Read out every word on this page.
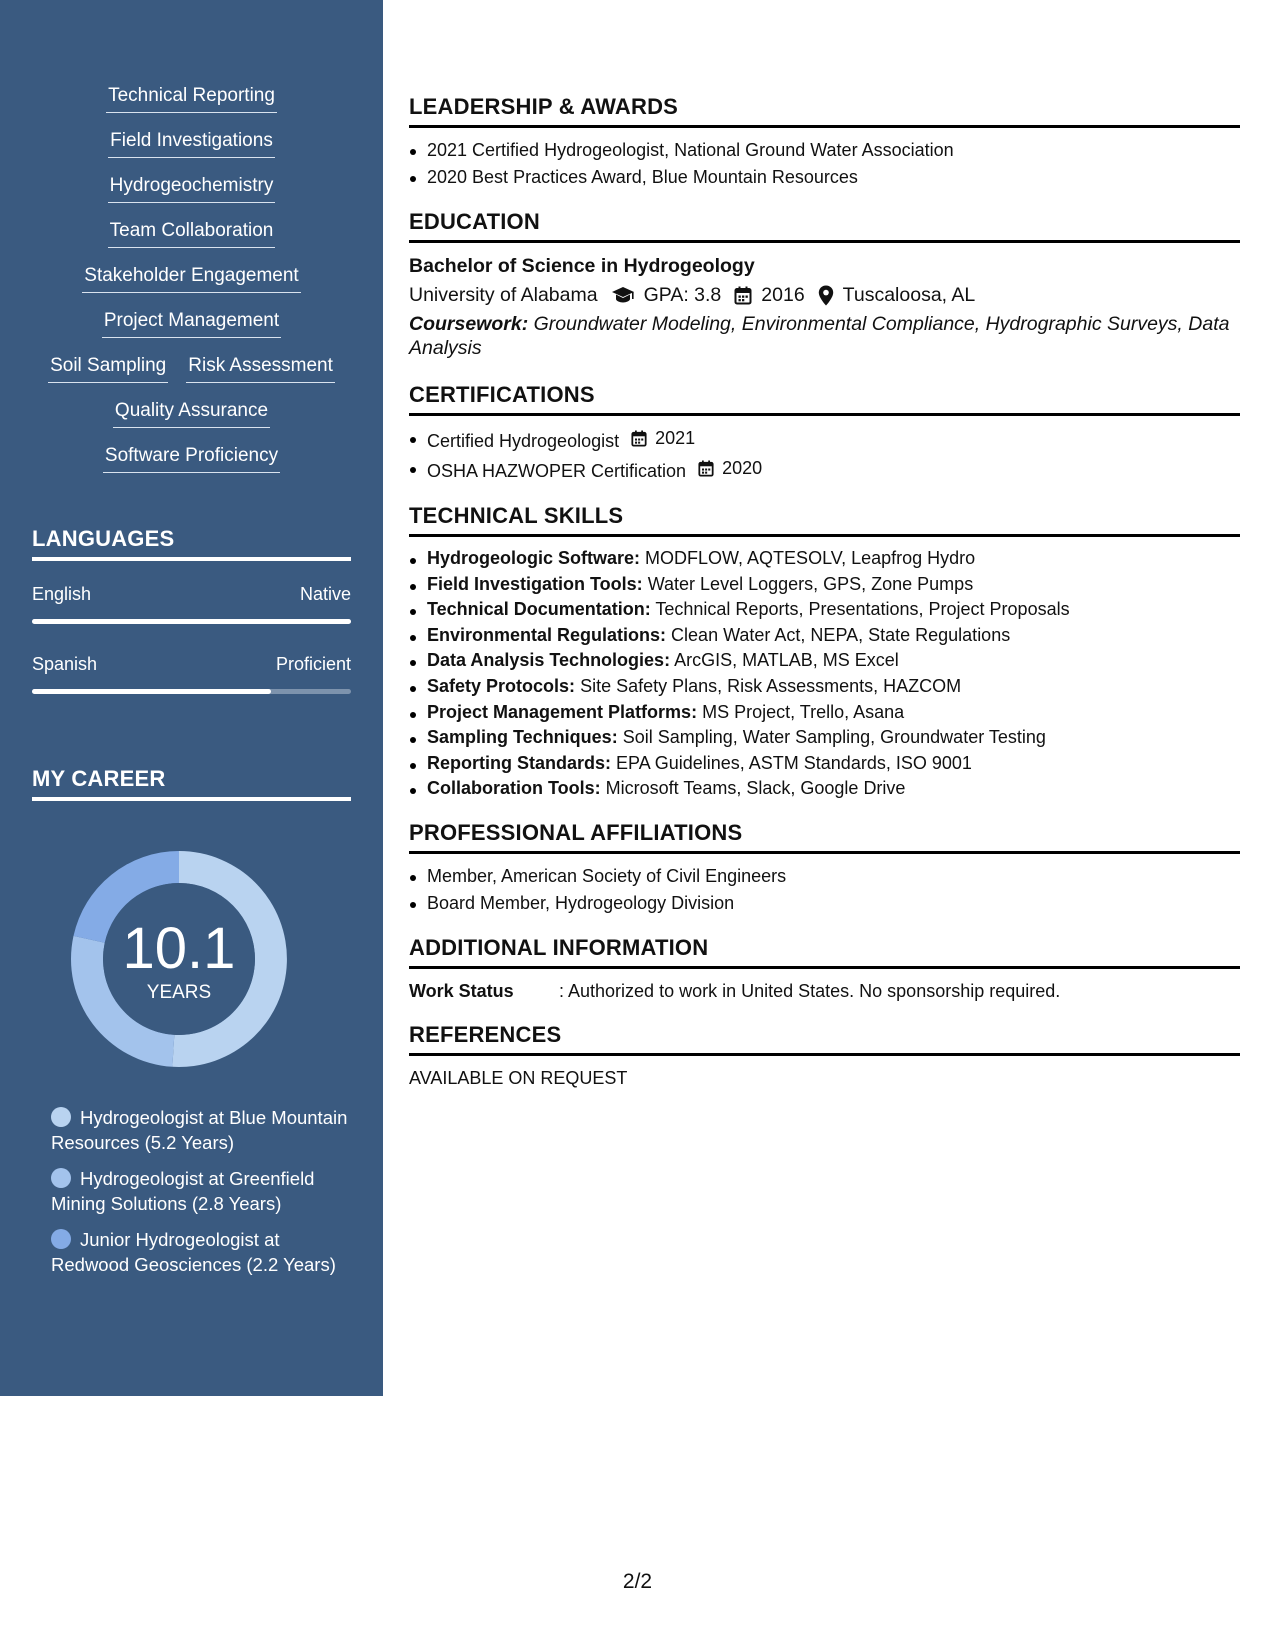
Technical Reporting
Field Investigations
Hydrogeochemistry
Team Collaboration
Stakeholder Engagement
Project Management
Soil Sampling Risk Assessment
Quality Assurance
Software Proficiency
LANGUAGES
English	Native
Spanish	Proficient
MY CAREER
10.1
YEARS
Hydrogeologist at Blue Mountain Resources (5.2 Years)
Hydrogeologist at Greenfield Mining Solutions (2.8 Years)
Junior Hydrogeologist at Redwood Geosciences (2.2 Years)
LEADERSHIP & AWARDS
2021 Certified Hydrogeologist, National Ground Water Association
2020 Best Practices Award, Blue Mountain Resources
EDUCATION
Bachelor of Science in Hydrogeology
University of Alabama GPA: 3.8 2016 Tuscaloosa, AL
Coursework: Groundwater Modeling, Environmental Compliance, Hydrographic Surveys, Data Analysis
CERTIFICATIONS
Certified Hydrogeologist 2021
OSHA HAZWOPER Certification 2020
TECHNICAL SKILLS
Hydrogeologic Software: MODFLOW, AQTESOLV, Leapfrog Hydro
Field Investigation Tools: Water Level Loggers, GPS, Zone Pumps
Technical Documentation: Technical Reports, Presentations, Project Proposals
Environmental Regulations: Clean Water Act, NEPA, State Regulations
Data Analysis Technologies: ArcGIS, MATLAB, MS Excel
Safety Protocols: Site Safety Plans, Risk Assessments, HAZCOM
Project Management Platforms: MS Project, Trello, Asana
Sampling Techniques: Soil Sampling, Water Sampling, Groundwater Testing
Reporting Standards: EPA Guidelines, ASTM Standards, ISO 9001
Collaboration Tools: Microsoft Teams, Slack, Google Drive
PROFESSIONAL AFFILIATIONS
Member, American Society of Civil Engineers
Board Member, Hydrogeology Division
ADDITIONAL INFORMATION
Work Status	: Authorized to work in United States. No sponsorship required.
REFERENCES
AVAILABLE ON REQUEST
2/2
